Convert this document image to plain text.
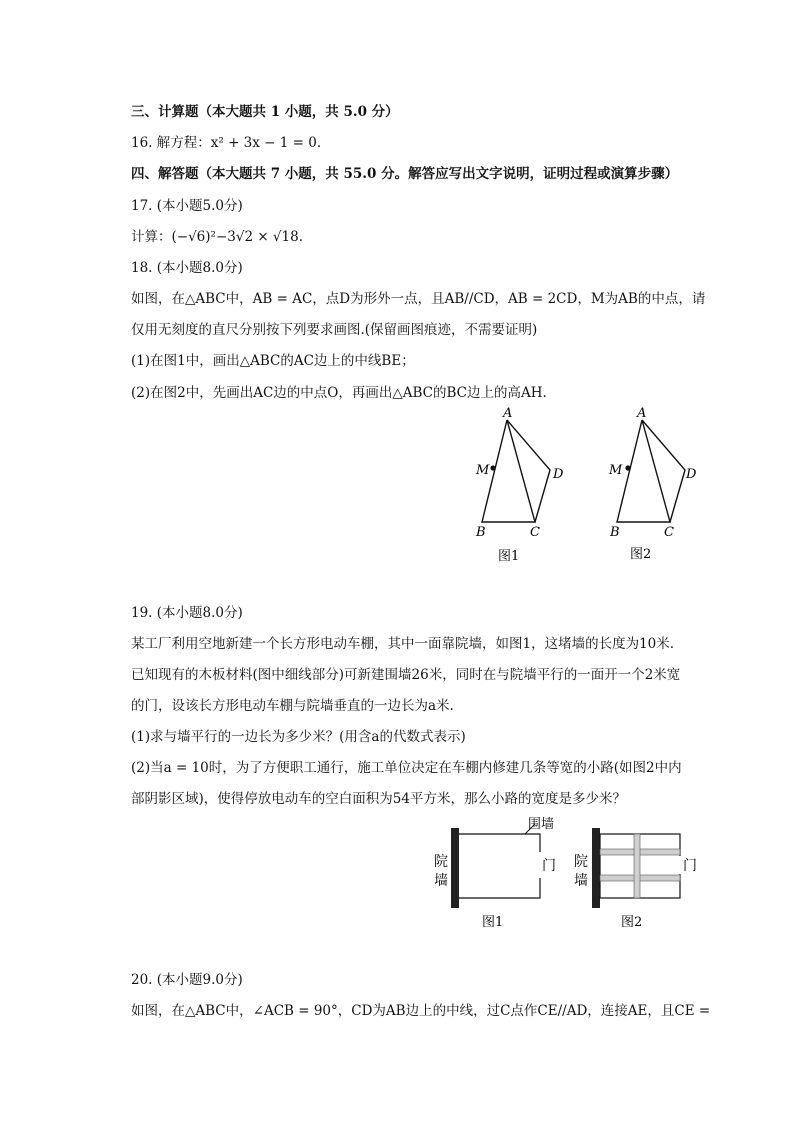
三、计算题（本大题共 1 小题，共 5.0 分）
16. 解方程：x² + 3x − 1 = 0.
四、解答题（本大题共 7 小题，共 55.0 分。解答应写出文字说明，证明过程或演算步骤）
17. (本小题5.0分)
计算：(−√6)²−3√2 × √18.
18. (本小题8.0分)
如图，在△ABC中，AB = AC，点D为形外一点，且AB//CD，AB = 2CD，M为AB的中点，请
仅用无刻度的直尺分别按下列要求画图.(保留画图痕迹，不需要证明)
(1)在图1中，画出△ABC的AC边上的中线BE；
(2)在图2中，先画出AC边的中点O，再画出△ABC的BC边上的高AH.
A
M	D
B	C
图1
A
M	D
B	C
图2
19. (本小题8.0分)
某工厂利用空地新建一个长方形电动车棚，其中一面靠院墙，如图1，这堵墙的长度为10米.
已知现有的木板材料(图中细线部分)可新建围墙26米，同时在与院墙平行的一面开一个2米宽
的门，设该长方形电动车棚与院墙垂直的一边长为a米.
(1)求与墙平行的一边长为多少米？(用含a的代数式表示)
(2)当a = 10时，为了方便职工通行，施工单位决定在车棚内修建几条等宽的小路(如图2中内
部阴影区域)，使得停放电动车的空白面积为54平方米，那么小路的宽度是多少米？
院
墙
围墙
门
图1
院
墙
门
图2
20. (本小题9.0分)
如图，在△ABC中，∠ACB = 90°，CD为AB边上的中线，过C点作CE//AD，连接AE，且CE =
